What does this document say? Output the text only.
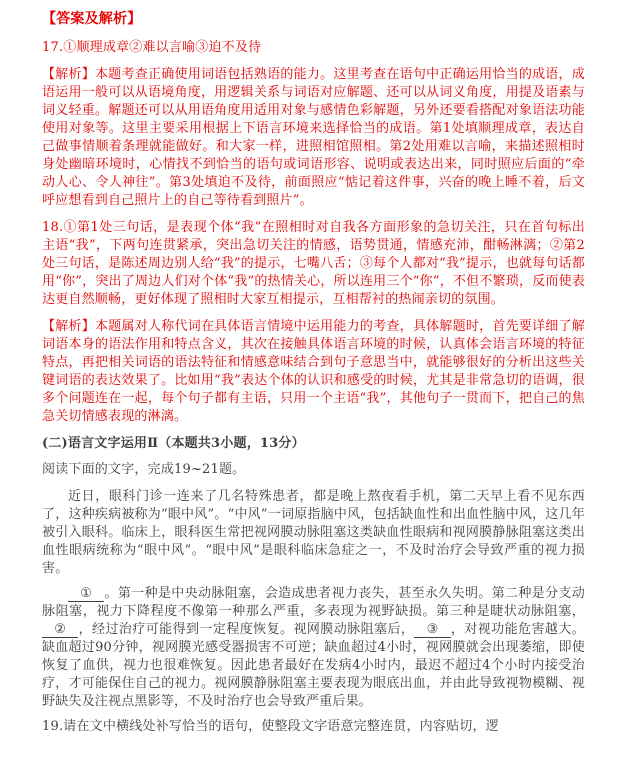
【答案及解析】

17.①顺理成章②难以言喻③迫不及待

【解析】本题考查正确使用词语包括熟语的能力。这里考查在语句中正确运用恰当的成语，成语运用一般可以从语境角度，用逻辑关系与词语对应解题、还可以从词义角度，用提及语素与词义轻重。解题还可以从用语角度用适用对象与感情色彩解题，另外还要看搭配对象语法功能使用对象等。这里主要采用根据上下语言环境来选择恰当的成语。第1处填顺理成章，表达自己做事情顺着条理就能做好。和大家一样，进照相馆照相。第2处用难以言喻，来描述照相时身处幽暗环境时，心情找不到恰当的语句或词语形容、说明或表达出来，同时照应后面的“牵动人心、令人神往”。第3处填迫不及待，前面照应“惦记着这件事，兴奋的晚上睡不着，后文呼应想看到自己照片上的自己等待看到照片”。

18.①第1处三句话，是表现个体“我”在照相时对自我各方面形象的急切关注，只在首句标出主语“我”，下两句连贯紧承，突出急切关注的情感，语势贯通，情感充沛，酣畅淋漓；②第2处三句话，是陈述周边别人给“我”的提示，七嘴八舌；③每个人都对“我”提示，也就每句话都用“你”，突出了周边人们对个体“我”的热情关心，所以连用三个“你”，不但不繁琐，反而使表达更自然顺畅，更好体现了照相时大家互相提示，互相帮衬的热闹亲切的氛围。

【解析】本题属对人称代词在具体语言情境中运用能力的考查，具体解题时，首先要详细了解词语本身的语法作用和特点含义，其次在接触具体语言环境的时候，认真体会语言环境的特征特点，再把相关词语的语法特征和情感意味结合到句子意思当中，就能够很好的分析出这些关键词语的表达效果了。比如用“我”表达个体的认识和感受的时候，尤其是非常急切的语调，很多个问题连在一起，每个句子都有主语，只用一个主语“我”，其他句子一贯而下，把自己的焦急关切情感表现的淋漓。

(二)语言文字运用Ⅱ（本题共3小题，13分）

阅读下面的文字，完成19~21题。

近日，眼科门诊一连来了几名特殊患者，都是晚上熬夜看手机，第二天早上看不见东西了，这种疾病被称为“眼中风”。“中风”一词原指脑中风，包括缺血性和出血性脑中风，这几年被引入眼科。临床上，眼科医生常把视网膜动脉阻塞这类缺血性眼病和视网膜静脉阻塞这类出血性眼病统称为“眼中风”。“眼中风”是眼科临床急症之一，不及时治疗会导致严重的视力损害。

① 。第一种是中央动脉阻塞，会造成患者视力丧失，甚至永久失明。第二种是分支动脉阻塞，视力下降程度不像第一种那么严重，多表现为视野缺损。第三种是睫状动脉阻塞，② ，经过治疗可能得到一定程度恢复。视网膜动脉阻塞后， ③ ，对视功能危害越大。缺血超过90分钟，视网膜光感受器损害不可逆；缺血超过4小时，视网膜就会出现萎缩，即使恢复了血供，视力也很难恢复。因此患者最好在发病4小时内，最迟不超过4个小时内接受治疗，才可能保住自己的视力。视网膜静脉阻塞主要表现为眼底出血，并由此导致视物模糊、视野缺失及注视点黑影等，不及时治疗也会导致严重后果。

19.请在文中横线处补写恰当的语句，使整段文字语意完整连贯，内容贴切，逻
